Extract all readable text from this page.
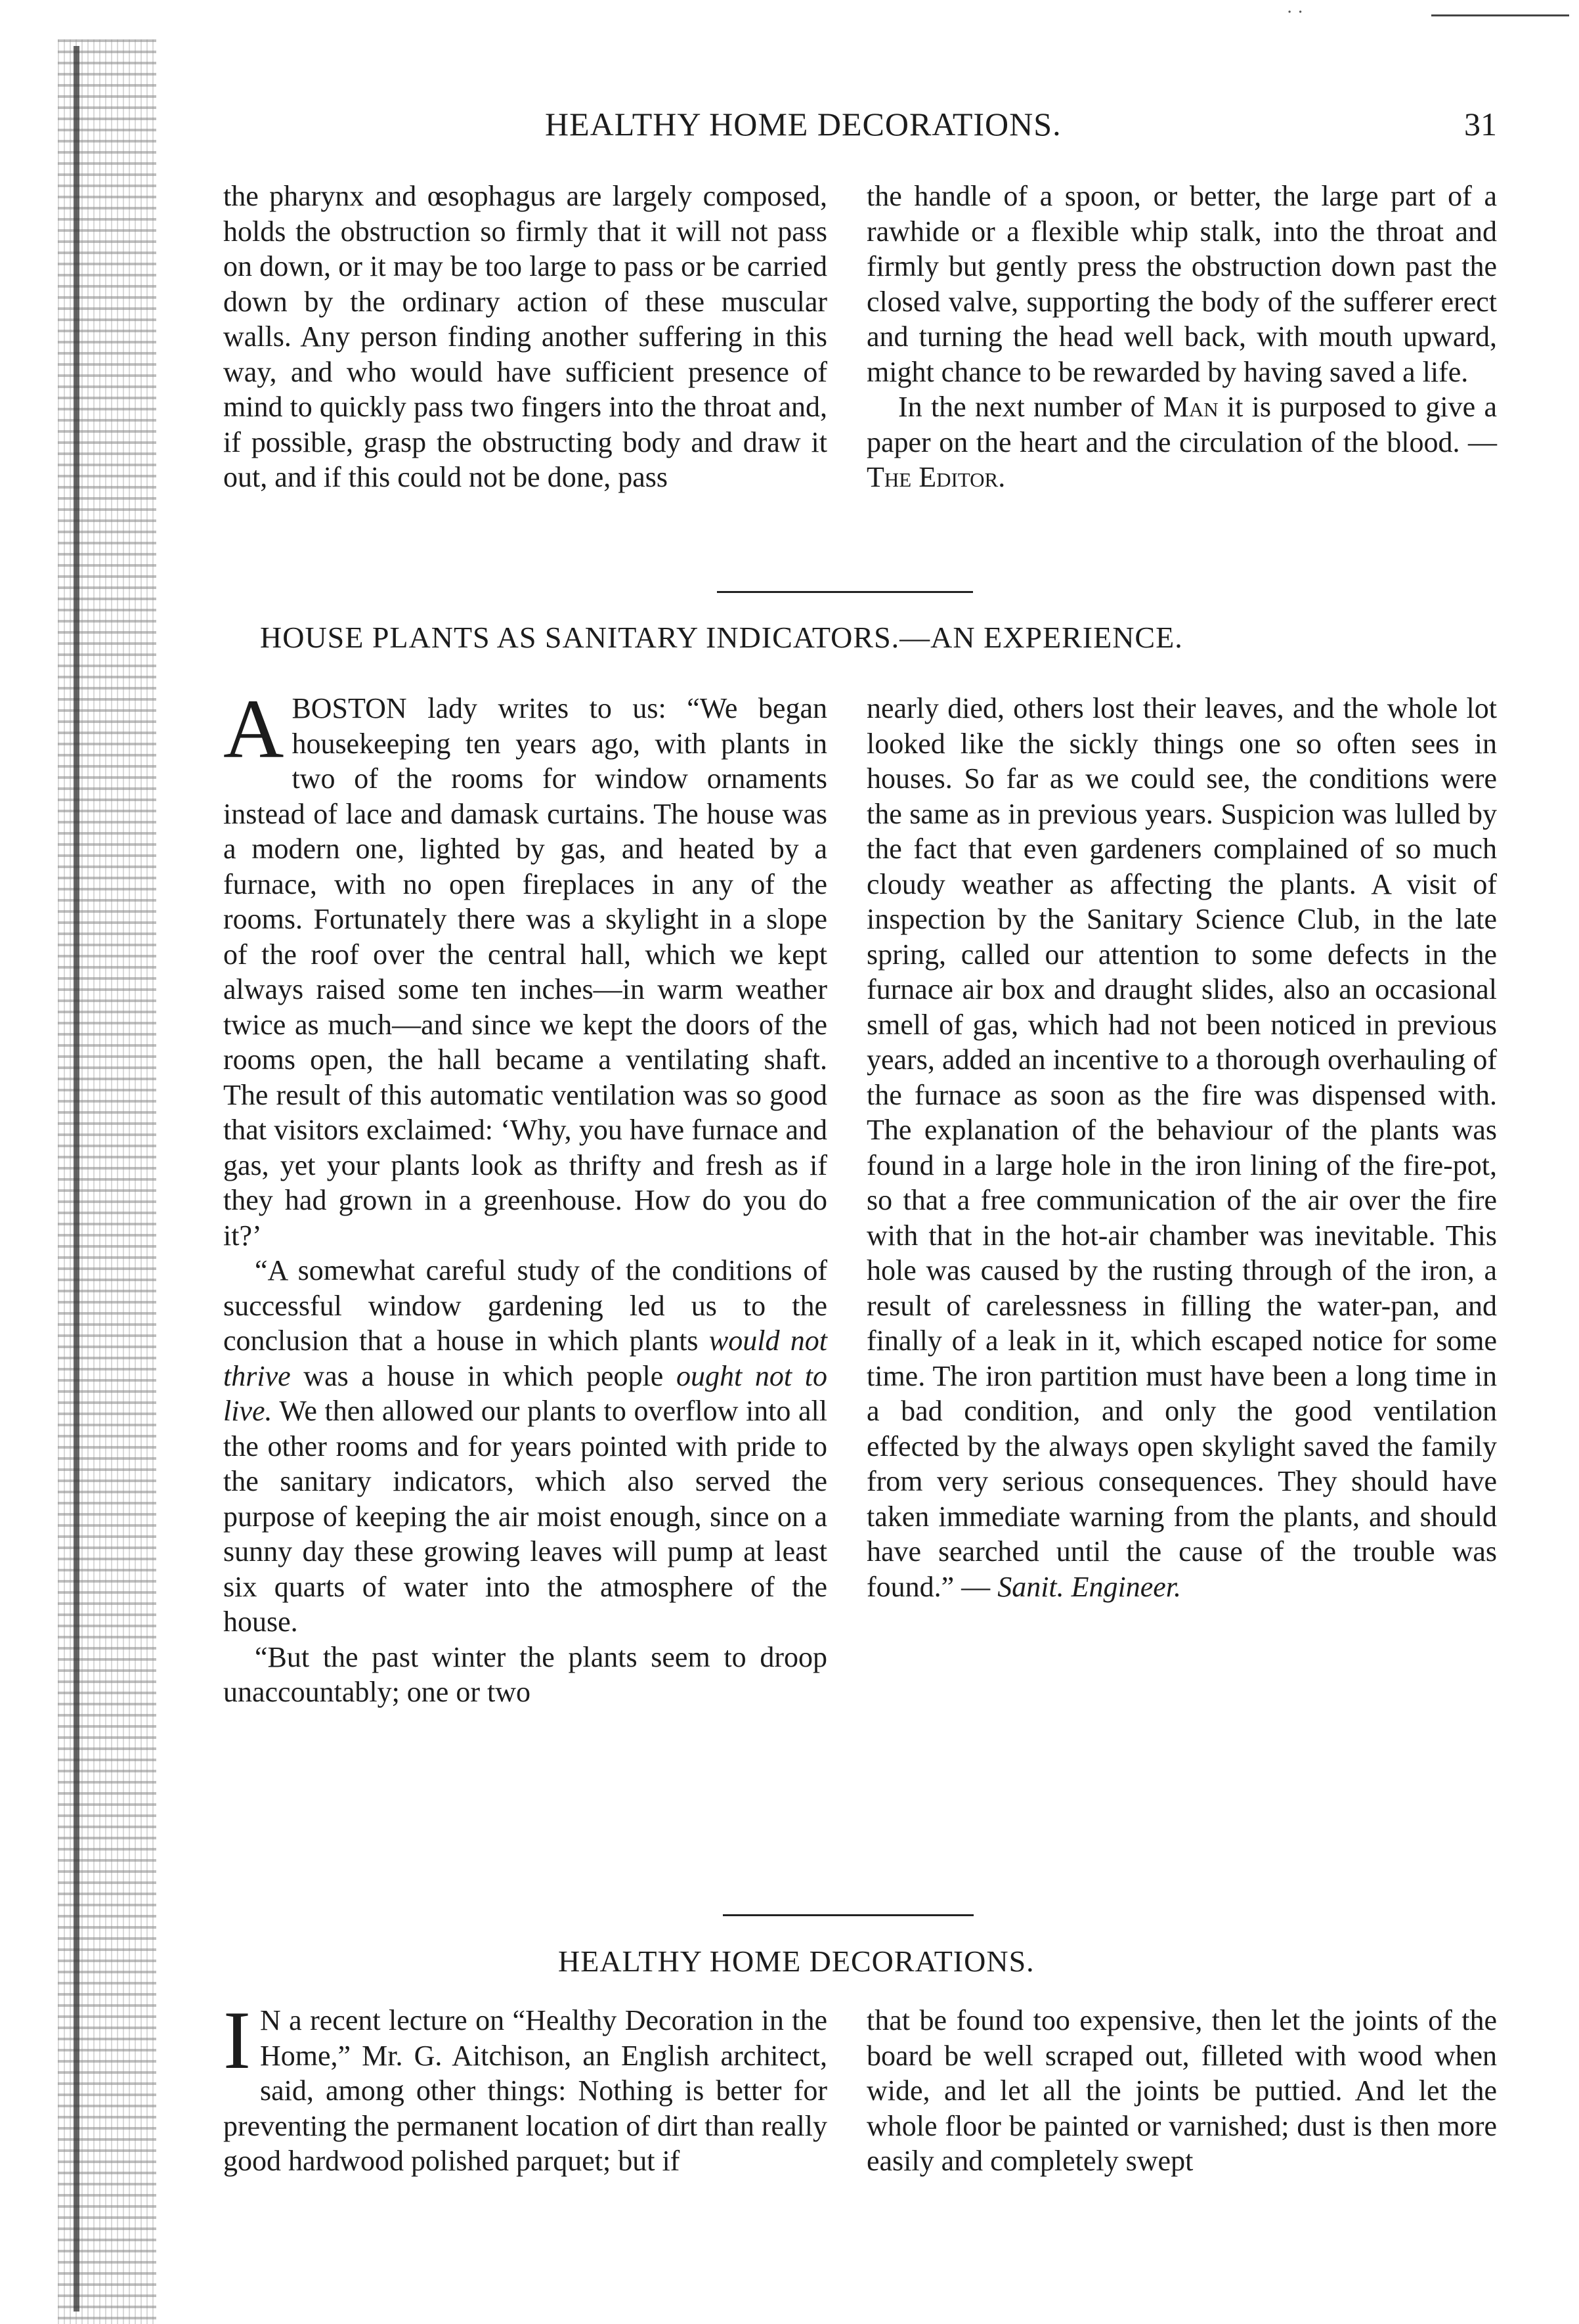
· ·
HEALTHY HOME DECORATIONS.	31

the pharynx and œsophagus are largely composed, holds the obstruction so firmly that it will not pass on down, or it may be too large to pass or be carried down by the ordinary action of these muscular walls. Any person finding another suffering in this way, and who would have sufficient presence of mind to quickly pass two fingers into the throat and, if possible, grasp the obstructing body and draw it out, and if this could not be done, pass

the handle of a spoon, or better, the large part of a rawhide or a flexible whip stalk, into the throat and firmly but gently press the obstruction down past the closed valve, supporting the body of the sufferer erect and turning the head well back, with mouth upward, might chance to be rewarded by having saved a life.

In the next number of Man it is purposed to give a paper on the heart and the circulation of the blood. —The Editor.

HOUSE PLANTS AS SANITARY INDICATORS.—AN EXPERIENCE.

ABOSTON lady writes to us: “We began housekeeping ten years ago, with plants in two of the rooms for window ornaments instead of lace and damask curtains. The house was a modern one, lighted by gas, and heated by a furnace, with no open fireplaces in any of the rooms. Fortunately there was a skylight in a slope of the roof over the central hall, which we kept always raised some ten inches—in warm weather twice as much—and since we kept the doors of the rooms open, the hall became a ventilating shaft. The result of this automatic ventilation was so good that visitors exclaimed: ‘Why, you have furnace and gas, yet your plants look as thrifty and fresh as if they had grown in a greenhouse. How do you do it?’

“A somewhat careful study of the conditions of successful window gardening led us to the conclusion that a house in which plants would not thrive was a house in which people ought not to live. We then allowed our plants to overflow into all the other rooms and for years pointed with pride to the sanitary indicators, which also served the purpose of keeping the air moist enough, since on a sunny day these growing leaves will pump at least six quarts of water into the atmosphere of the house.

“But the past winter the plants seem to droop unaccountably; one or two

nearly died, others lost their leaves, and the whole lot looked like the sickly things one so often sees in houses. So far as we could see, the conditions were the same as in previous years. Suspicion was lulled by the fact that even gardeners complained of so much cloudy weather as affecting the plants. A visit of inspection by the Sanitary Science Club, in the late spring, called our attention to some defects in the furnace air box and draught slides, also an occasional smell of gas, which had not been noticed in previous years, added an incentive to a thorough overhauling of the furnace as soon as the fire was dispensed with. The explanation of the behaviour of the plants was found in a large hole in the iron lining of the fire-pot, so that a free communication of the air over the fire with that in the hot-air chamber was inevitable. This hole was caused by the rusting through of the iron, a result of carelessness in filling the water-pan, and finally of a leak in it, which escaped notice for some time. The iron partition must have been a long time in a bad condition, and only the good ventilation effected by the always open skylight saved the family from very serious consequences. They should have taken immediate warning from the plants, and should have searched until the cause of the trouble was found.” — Sanit. Engineer.

HEALTHY HOME DECORATIONS.

I N a recent lecture on “Healthy Decoration in the Home,” Mr. G. Aitchison, an English architect, said, among other things: Nothing is better for preventing the permanent location of dirt than really good hardwood polished parquet; but if

that be found too expensive, then let the joints of the board be well scraped out, filleted with wood when wide, and let all the joints be puttied. And let the whole floor be painted or varnished; dust is then more easily and completely swept
